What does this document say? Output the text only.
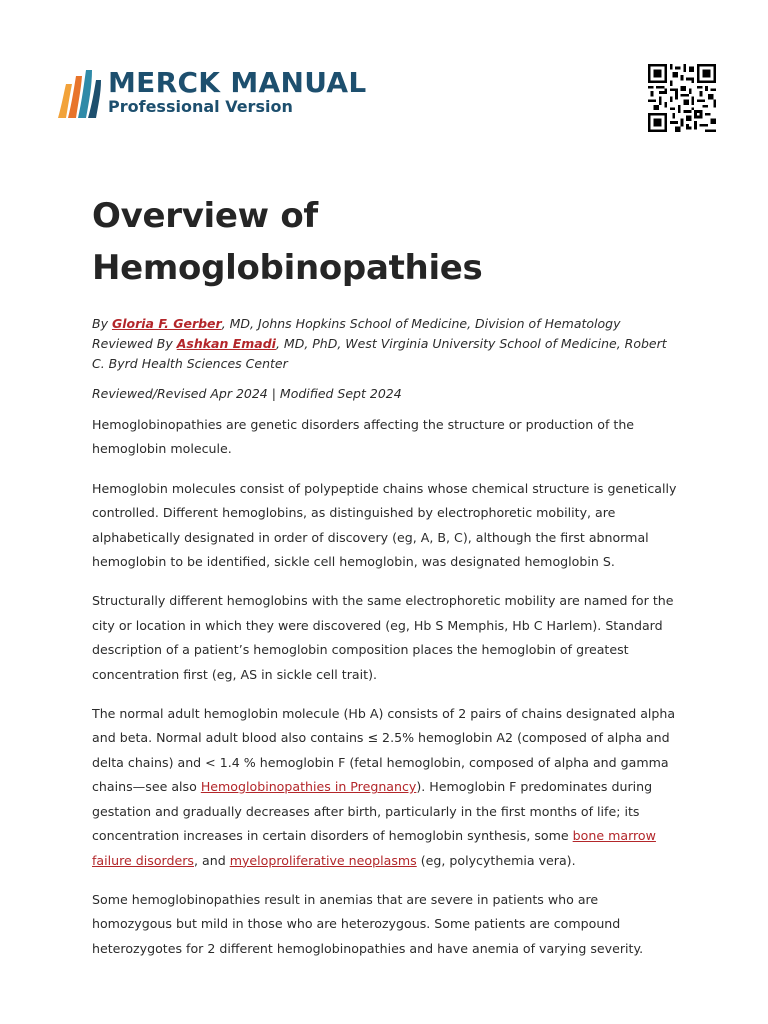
MERCK MANUAL
Professional Version
Overview of Hemoglobinopathies
By Gloria F. Gerber, MD, Johns Hopkins School of Medicine, Division of Hematology
Reviewed By Ashkan Emadi, MD, PhD, West Virginia University School of Medicine, Robert C. Byrd Health Sciences Center
Reviewed/Revised Apr 2024 | Modified Sept 2024

Hemoglobinopathies are genetic disorders affecting the structure or production of the hemoglobin molecule.

Hemoglobin molecules consist of polypeptide chains whose chemical structure is genetically controlled. Different hemoglobins, as distinguished by electrophoretic mobility, are alphabetically designated in order of discovery (eg, A, B, C), although the first abnormal hemoglobin to be identified, sickle cell hemoglobin, was designated hemoglobin S.

Structurally different hemoglobins with the same electrophoretic mobility are named for the city or location in which they were discovered (eg, Hb S Memphis, Hb C Harlem). Standard description of a patient’s hemoglobin composition places the hemoglobin of greatest concentration first (eg, AS in sickle cell trait).

The normal adult hemoglobin molecule (Hb A) consists of 2 pairs of chains designated alpha and beta. Normal adult blood also contains ≤ 2.5% hemoglobin A2 (composed of alpha and delta chains) and < 1.4 % hemoglobin F (fetal hemoglobin, composed of alpha and gamma chains—see also Hemoglobinopathies in Pregnancy). Hemoglobin F predominates during gestation and gradually decreases after birth, particularly in the first months of life; its concentration increases in certain disorders of hemoglobin synthesis, some bone marrow failure disorders, and myeloproliferative neoplasms (eg, polycythemia vera).

Some hemoglobinopathies result in anemias that are severe in patients who are homozygous but mild in those who are heterozygous. Some patients are compound heterozygotes for 2 different hemoglobinopathies and have anemia of varying severity.
